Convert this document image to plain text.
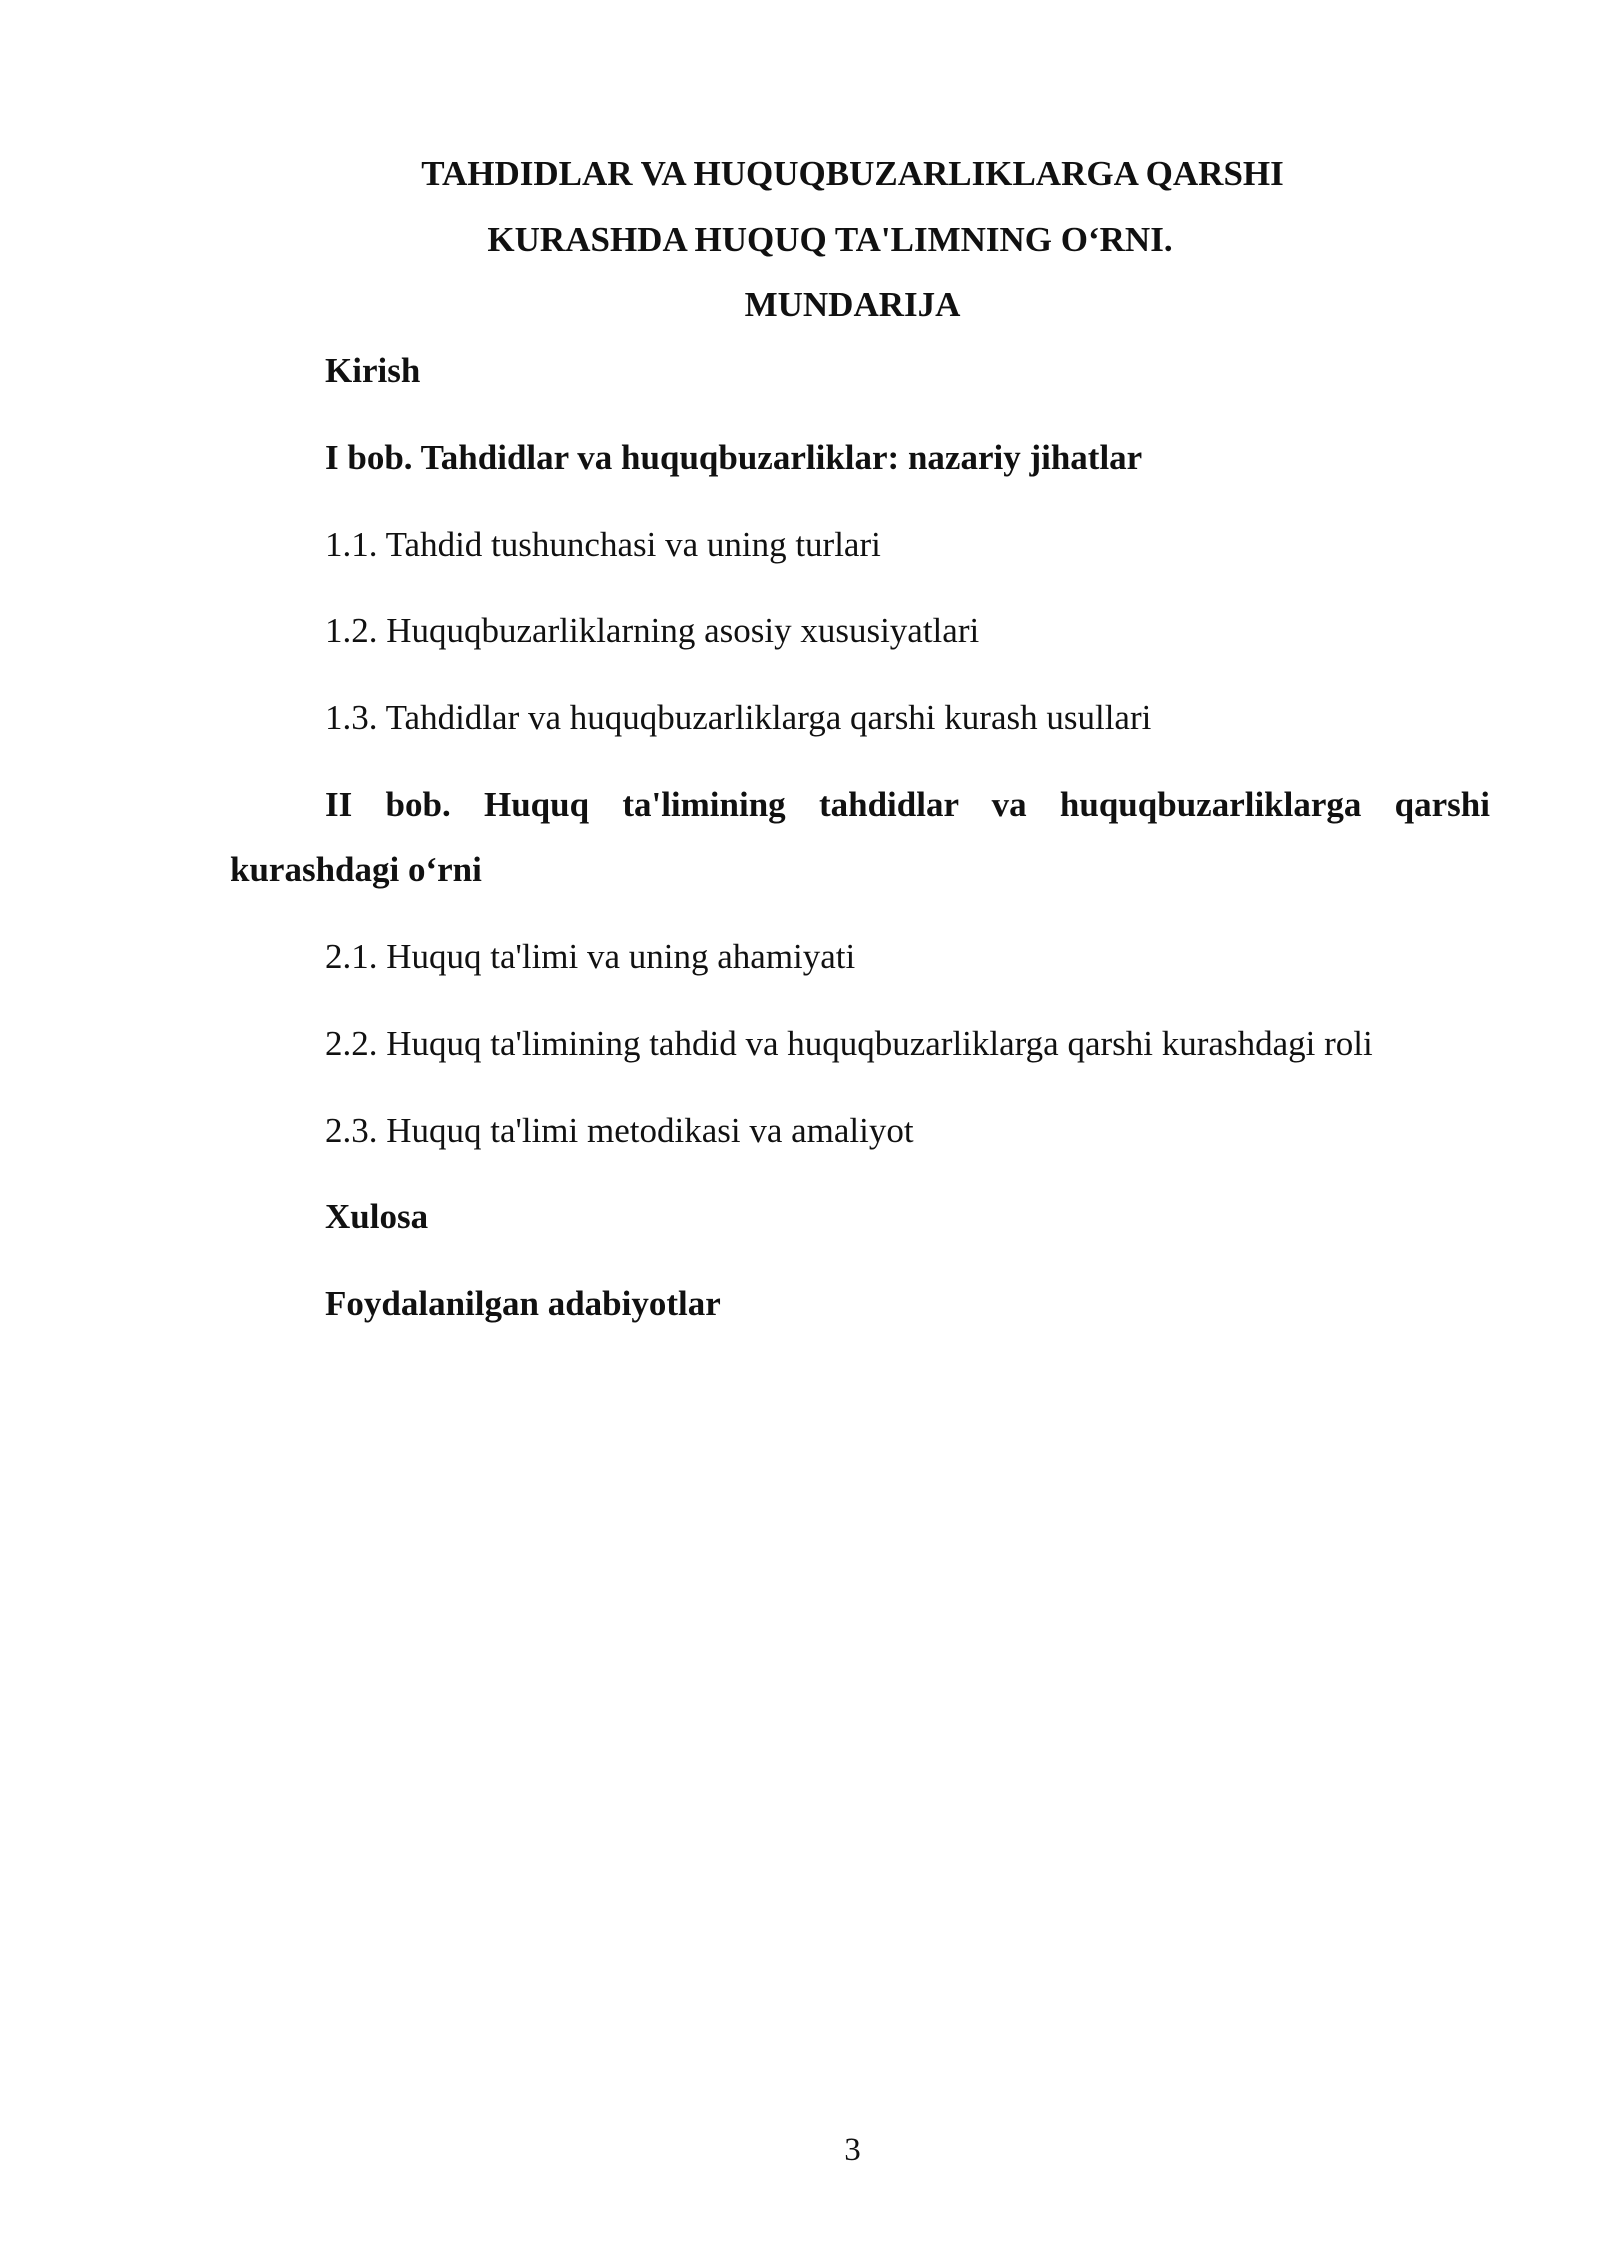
TAHDIDLAR VA HUQUQBUZARLIKLARGA QARSHI
KURASHDA HUQUQ TA'LIMNING O‘RNI.
MUNDARIJA
Kirish
I bob. Tahdidlar va huquqbuzarliklar: nazariy jihatlar
1.1. Tahdid tushunchasi va uning turlari
1.2. Huquqbuzarliklarning asosiy xususiyatlari
1.3. Tahdidlar va huquqbuzarliklarga qarshi kurash usullari
II bob. Huquq ta'limining tahdidlar va huquqbuzarliklarga qarshi
kurashdagi o‘rni
2.1. Huquq ta'limi va uning ahamiyati
2.2. Huquq ta'limining tahdid va huquqbuzarliklarga qarshi kurashdagi roli
2.3. Huquq ta'limi metodikasi va amaliyot
Xulosa
Foydalanilgan adabiyotlar
3
